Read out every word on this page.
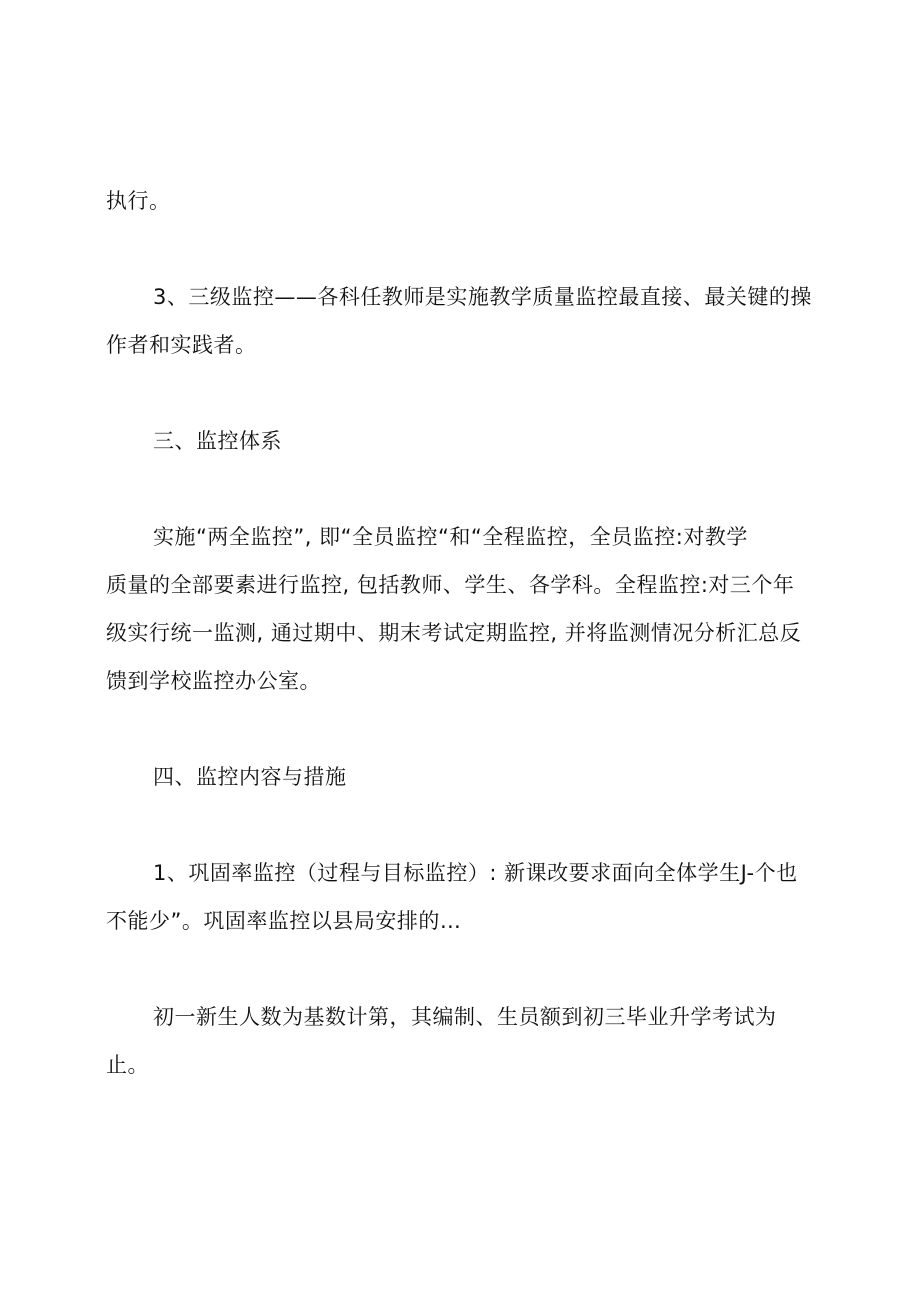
执行。
3、三级监控——各科任教师是实施教学质量监控最直接、最关键的操
作者和实践者。
三、监控体系
实施“两全监控”, 即“全员监控“和“全程监控，全员监控:对教学
质量的全部要素进行监控, 包括教师、学生、各学科。全程监控:对三个年
级实行统一监测, 通过期中、期末考试定期监控, 并将监测情况分析汇总反
馈到学校监控办公室。
四、监控内容与措施
1、巩固率监控（过程与目标监控）: 新课改要求面向全体学生J-个也
不能少”。巩固率监控以县局安排的…
初一新生人数为基数计第，其编制、生员额到初三毕业升学考试为
止。
